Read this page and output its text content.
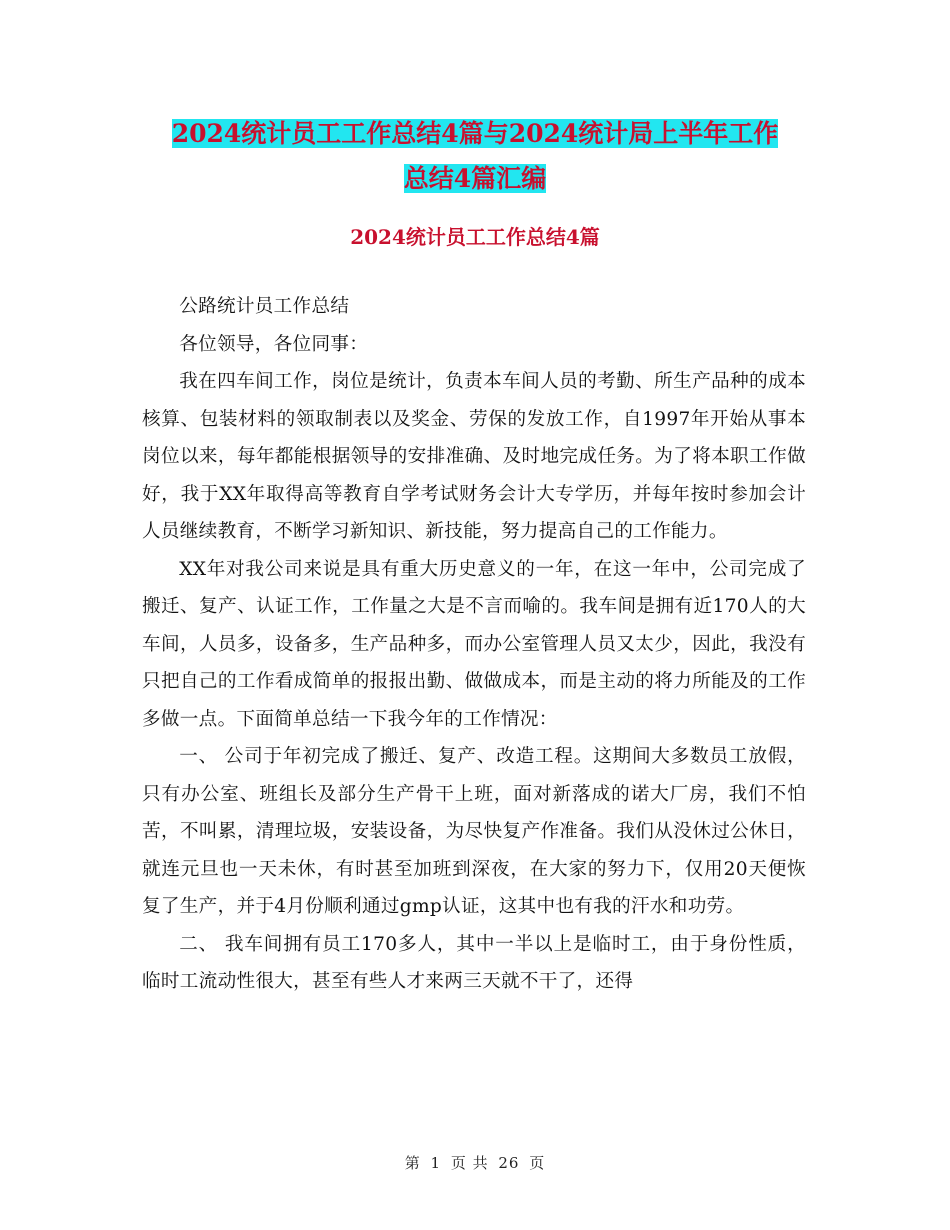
2024统计员工工作总结4篇与2024统计局上半年工作
总结4篇汇编
2024统计员工工作总结4篇

公路统计员工作总结

各位领导，各位同事：

我在四车间工作，岗位是统计，负责本车间人员的考勤、所生产品种的成本核算、包装材料的领取制表以及奖金、劳保的发放工作，自1997年开始从事本岗位以来，每年都能根据领导的安排准确、及时地完成任务。为了将本职工作做好，我于XX年取得高等教育自学考试财务会计大专学历，并每年按时参加会计人员继续教育，不断学习新知识、新技能，努力提高自己的工作能力。

XX年对我公司来说是具有重大历史意义的一年，在这一年中，公司完成了搬迁、复产、认证工作，工作量之大是不言而喻的。我车间是拥有近170人的大车间，人员多，设备多，生产品种多，而办公室管理人员又太少，因此，我没有只把自己的工作看成简单的报报出勤、做做成本，而是主动的将力所能及的工作多做一点。下面简单总结一下我今年的工作情况：

一、 公司于年初完成了搬迁、复产、改造工程。这期间大多数员工放假，只有办公室、班组长及部分生产骨干上班，面对新落成的诺大厂房，我们不怕苦，不叫累，清理垃圾，安装设备，为尽快复产作准备。我们从没休过公休日，就连元旦也一天未休，有时甚至加班到深夜，在大家的努力下，仅用20天便恢复了生产，并于4月份顺利通过gmp认证，这其中也有我的汗水和功劳。

二、 我车间拥有员工170多人，其中一半以上是临时工，由于身份性质，临时工流动性很大，甚至有些人才来两三天就不干了，还得

第 1 页 共 26 页
